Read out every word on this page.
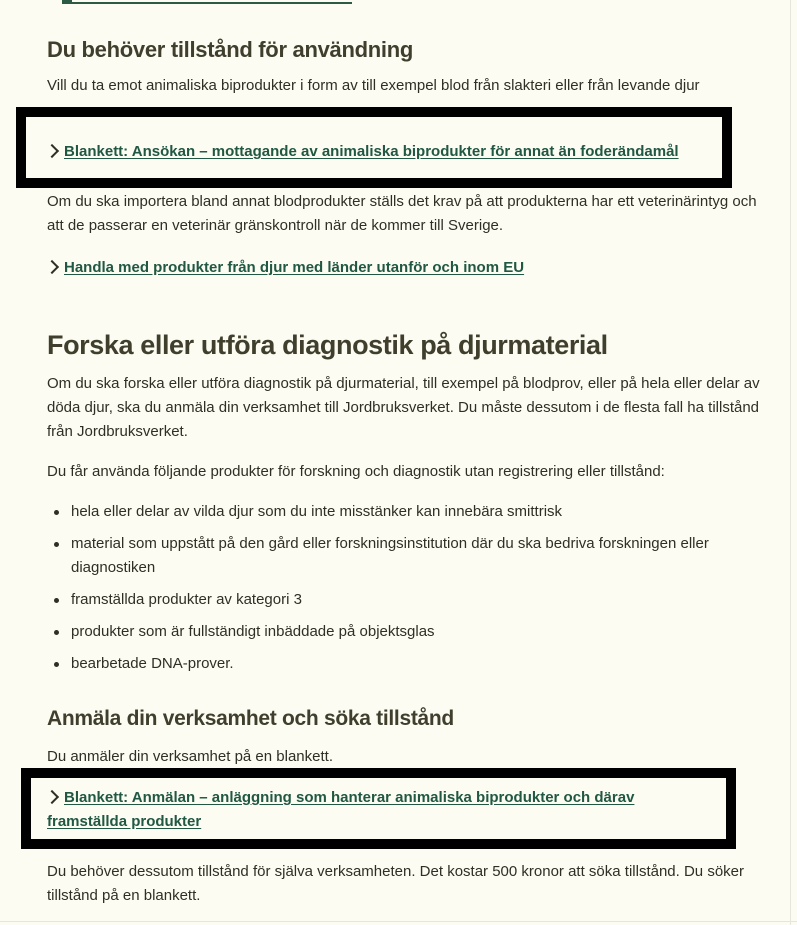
Du behöver tillstånd för användning

Vill du ta emot animaliska biprodukter i form av till exempel blod från slakteri eller från levande djur

Blankett: Ansökan – mottagande av animaliska biprodukter för annat än foderändamål

Om du ska importera bland annat blodprodukter ställs det krav på att produkterna har ett veterinärintyg och att de passerar en veterinär gränskontroll när de kommer till Sverige.

Handla med produkter från djur med länder utanför och inom EU
Forska eller utföra diagnostik på djurmaterial

Om du ska forska eller utföra diagnostik på djurmaterial, till exempel på blodprov, eller på hela eller delar av döda djur, ska du anmäla din verksamhet till Jordbruksverket. Du måste dessutom i de flesta fall ha tillstånd från Jordbruksverket.

Du får använda följande produkter för forskning och diagnostik utan registrering eller tillstånd:

hela eller delar av vilda djur som du inte misstänker kan innebära smittrisk
material som uppstått på den gård eller forskningsinstitution där du ska bedriva forskningen eller diagnostiken
framställda produkter av kategori 3
produkter som är fullständigt inbäddade på objektsglas
bearbetade DNA-prover.
Anmäla din verksamhet och söka tillstånd

Du anmäler din verksamhet på en blankett.

Blankett: Anmälan – anläggning som hanterar animaliska biprodukter och därav framställda produkter

Du behöver dessutom tillstånd för själva verksamheten. Det kostar 500 kronor att söka tillstånd. Du söker tillstånd på en blankett.
